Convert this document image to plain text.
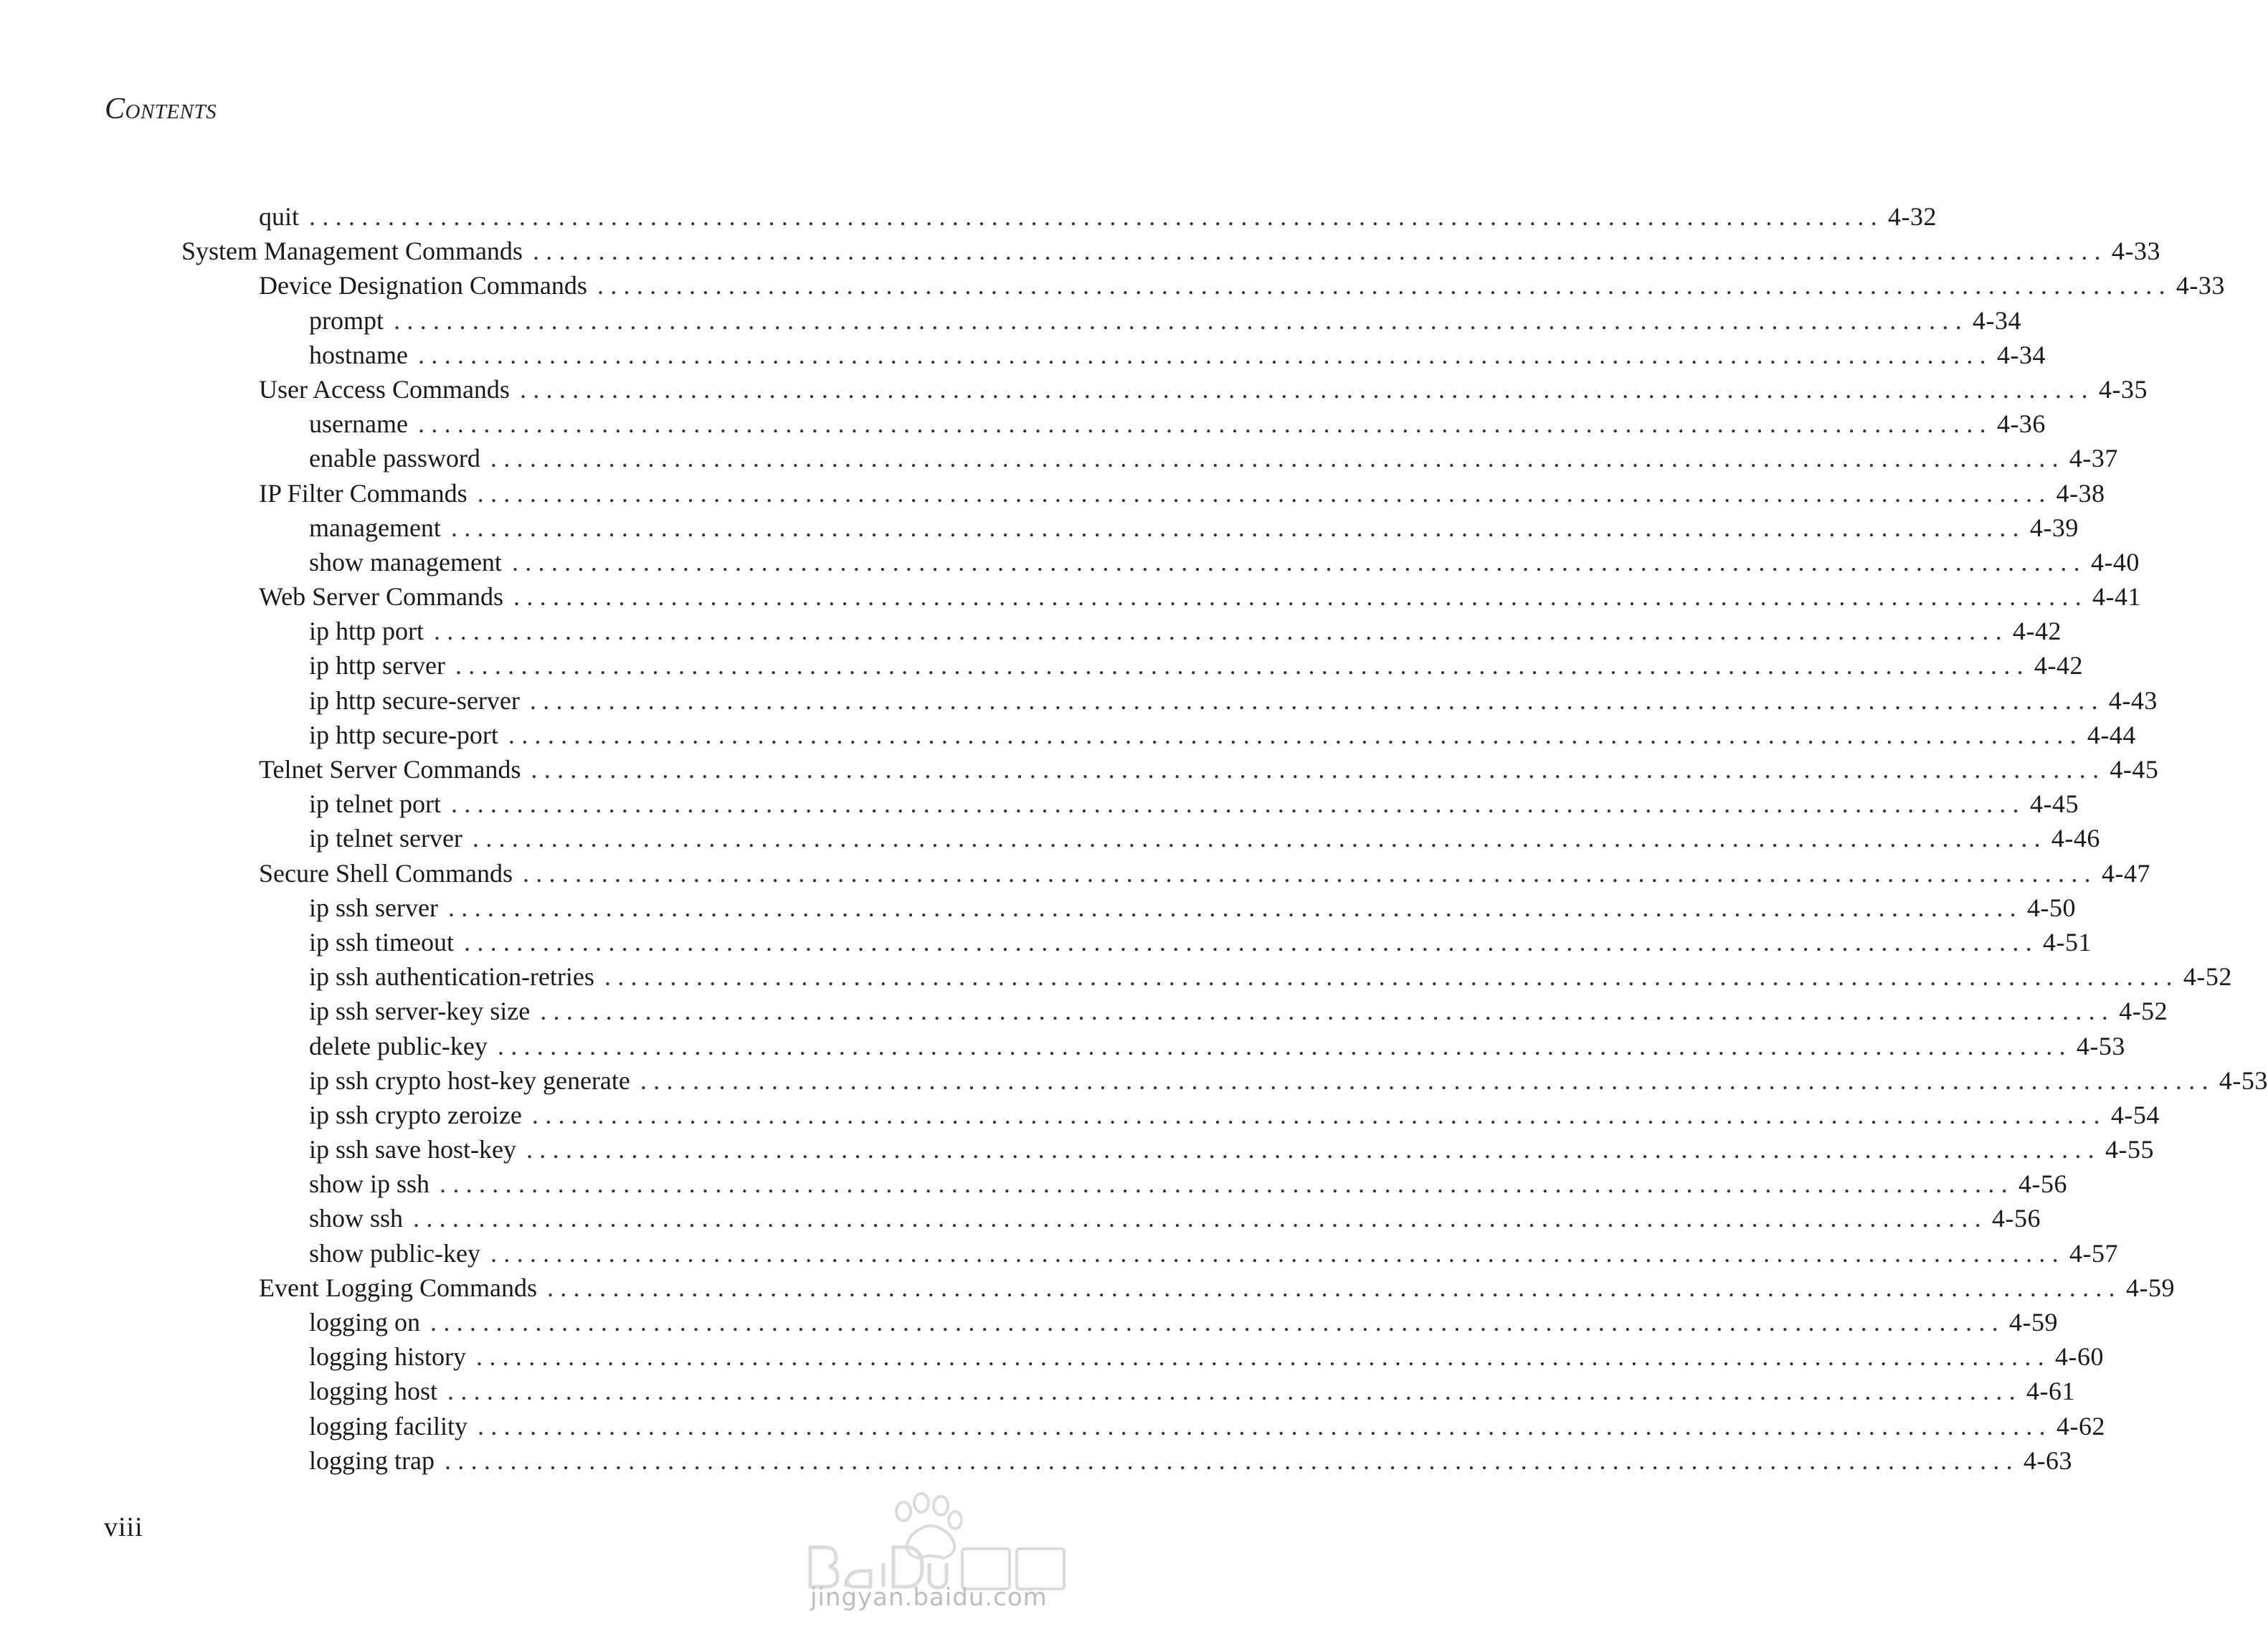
Contents
quit ........................................................................................................................ 4-32
System Management Commands ........................................................................................................................ 4-33
Device Designation Commands ........................................................................................................................ 4-33
prompt ........................................................................................................................ 4-34
hostname ........................................................................................................................ 4-34
User Access Commands ........................................................................................................................ 4-35
username ........................................................................................................................ 4-36
enable password ........................................................................................................................ 4-37
IP Filter Commands ........................................................................................................................ 4-38
management ........................................................................................................................ 4-39
show management ........................................................................................................................ 4-40
Web Server Commands ........................................................................................................................ 4-41
ip http port ........................................................................................................................ 4-42
ip http server ........................................................................................................................ 4-42
ip http secure-server ........................................................................................................................ 4-43
ip http secure-port ........................................................................................................................ 4-44
Telnet Server Commands ........................................................................................................................ 4-45
ip telnet port ........................................................................................................................ 4-45
ip telnet server ........................................................................................................................ 4-46
Secure Shell Commands ........................................................................................................................ 4-47
ip ssh server ........................................................................................................................ 4-50
ip ssh timeout ........................................................................................................................ 4-51
ip ssh authentication-retries ........................................................................................................................ 4-52
ip ssh server-key size ........................................................................................................................ 4-52
delete public-key ........................................................................................................................ 4-53
ip ssh crypto host-key generate ........................................................................................................................ 4-53
ip ssh crypto zeroize ........................................................................................................................ 4-54
ip ssh save host-key ........................................................................................................................ 4-55
show ip ssh ........................................................................................................................ 4-56
show ssh ........................................................................................................................ 4-56
show public-key ........................................................................................................................ 4-57
Event Logging Commands ........................................................................................................................ 4-59
logging on ........................................................................................................................ 4-59
logging history ........................................................................................................................ 4-60
logging host ........................................................................................................................ 4-61
logging facility ........................................................................................................................ 4-62
logging trap ........................................................................................................................ 4-63

viii

jingyan.baidu.com
